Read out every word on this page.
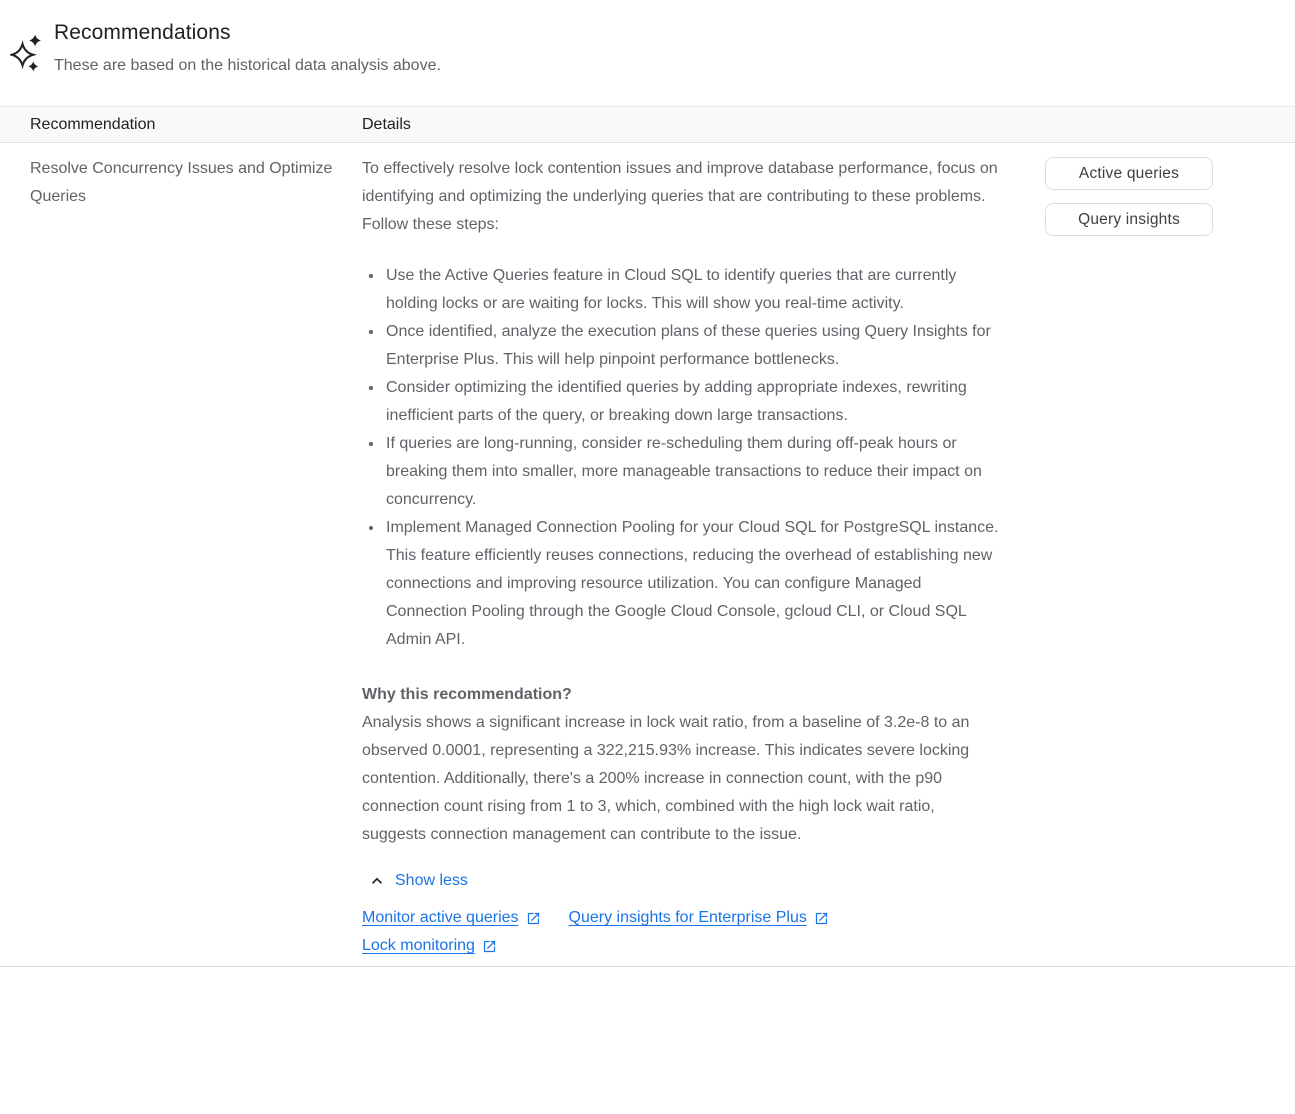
Recommendations
These are based on the historical data analysis above.
Recommendation	Details
Resolve Concurrency Issues and Optimize Queries

To effectively resolve lock contention issues and improve database performance, focus on identifying and optimizing the underlying queries that are contributing to these problems. Follow these steps:

• Use the Active Queries feature in Cloud SQL to identify queries that are currently holding locks or are waiting for locks. This will show you real-time activity.
• Once identified, analyze the execution plans of these queries using Query Insights for Enterprise Plus. This will help pinpoint performance bottlenecks.
• Consider optimizing the identified queries by adding appropriate indexes, rewriting inefficient parts of the query, or breaking down large transactions.
• If queries are long-running, consider re-scheduling them during off-peak hours or breaking them into smaller, more manageable transactions to reduce their impact on concurrency.
• Implement Managed Connection Pooling for your Cloud SQL for PostgreSQL instance. This feature efficiently reuses connections, reducing the overhead of establishing new connections and improving resource utilization. You can configure Managed Connection Pooling through the Google Cloud Console, gcloud CLI, or Cloud SQL Admin API.

Why this recommendation?

Analysis shows a significant increase in lock wait ratio, from a baseline of 3.2e-8 to an observed 0.0001, representing a 322,215.93% increase. This indicates severe locking contention. Additionally, there's a 200% increase in connection count, with the p90 connection count rising from 1 to 3, which, combined with the high lock wait ratio, suggests connection management can contribute to the issue.

Show less
Monitor active queries	Query insights for Enterprise Plus
Lock monitoring
Active queries
Query insights
